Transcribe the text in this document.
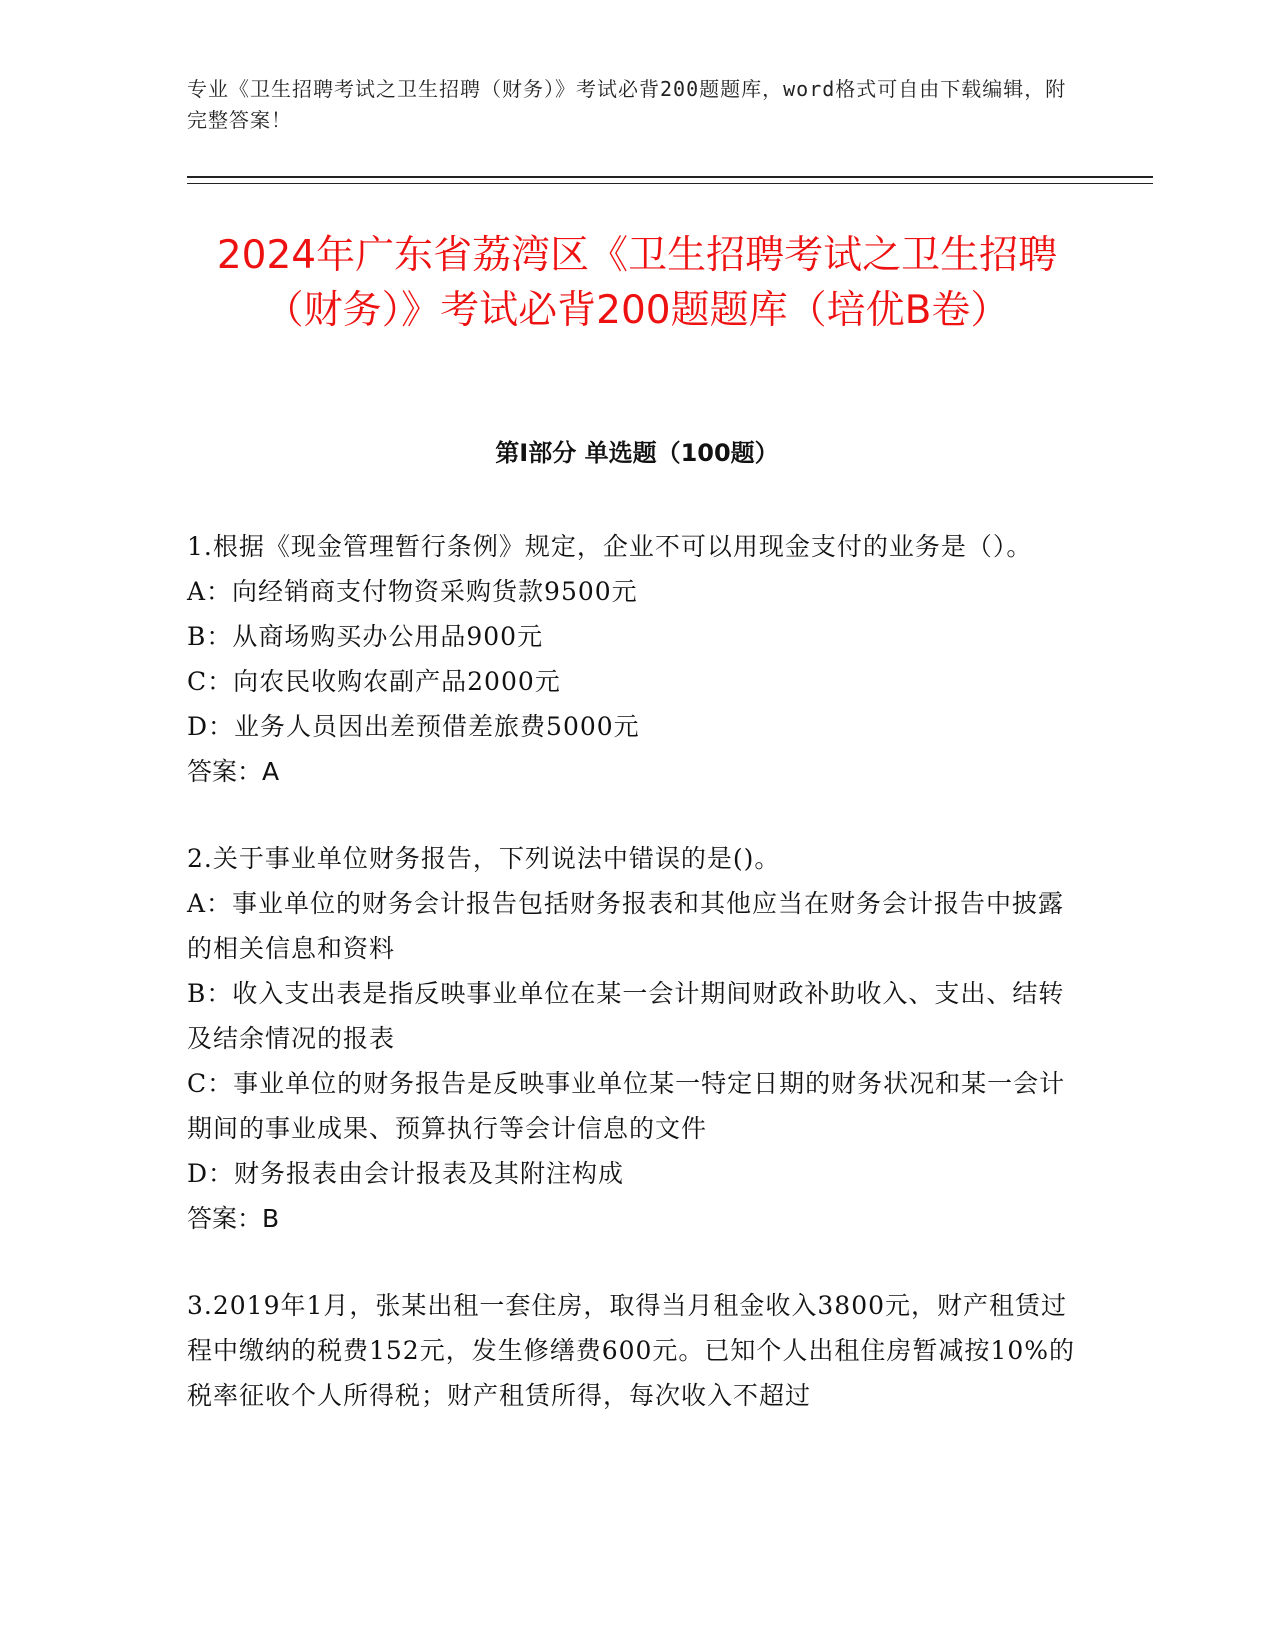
专业《卫生招聘考试之卫生招聘（财务）》考试必背200题题库，word格式可自由下载编辑，附完整答案！
2024年广东省荔湾区《卫生招聘考试之卫生招聘（财务）》考试必背200题题库（培优B卷）
第I部分 单选题（100题）

1.根据《现金管理暂行条例》规定，企业不可以用现金支付的业务是（）。

A：向经销商支付物资采购货款9500元

B：从商场购买办公用品900元

C：向农民收购农副产品2000元

D：业务人员因出差预借差旅费5000元

答案：A

2.关于事业单位财务报告，下列说法中错误的是()。

A：事业单位的财务会计报告包括财务报表和其他应当在财务会计报告中披露的相关信息和资料

B：收入支出表是指反映事业单位在某一会计期间财政补助收入、支出、结转及结余情况的报表

C：事业单位的财务报告是反映事业单位某一特定日期的财务状况和某一会计期间的事业成果、预算执行等会计信息的文件

D：财务报表由会计报表及其附注构成

答案：B

3.2019年1月，张某出租一套住房，取得当月租金收入3800元，财产租赁过程中缴纳的税费152元，发生修缮费600元。已知个人出租住房暂减按10%的税率征收个人所得税；财产租赁所得，每次收入不超过
